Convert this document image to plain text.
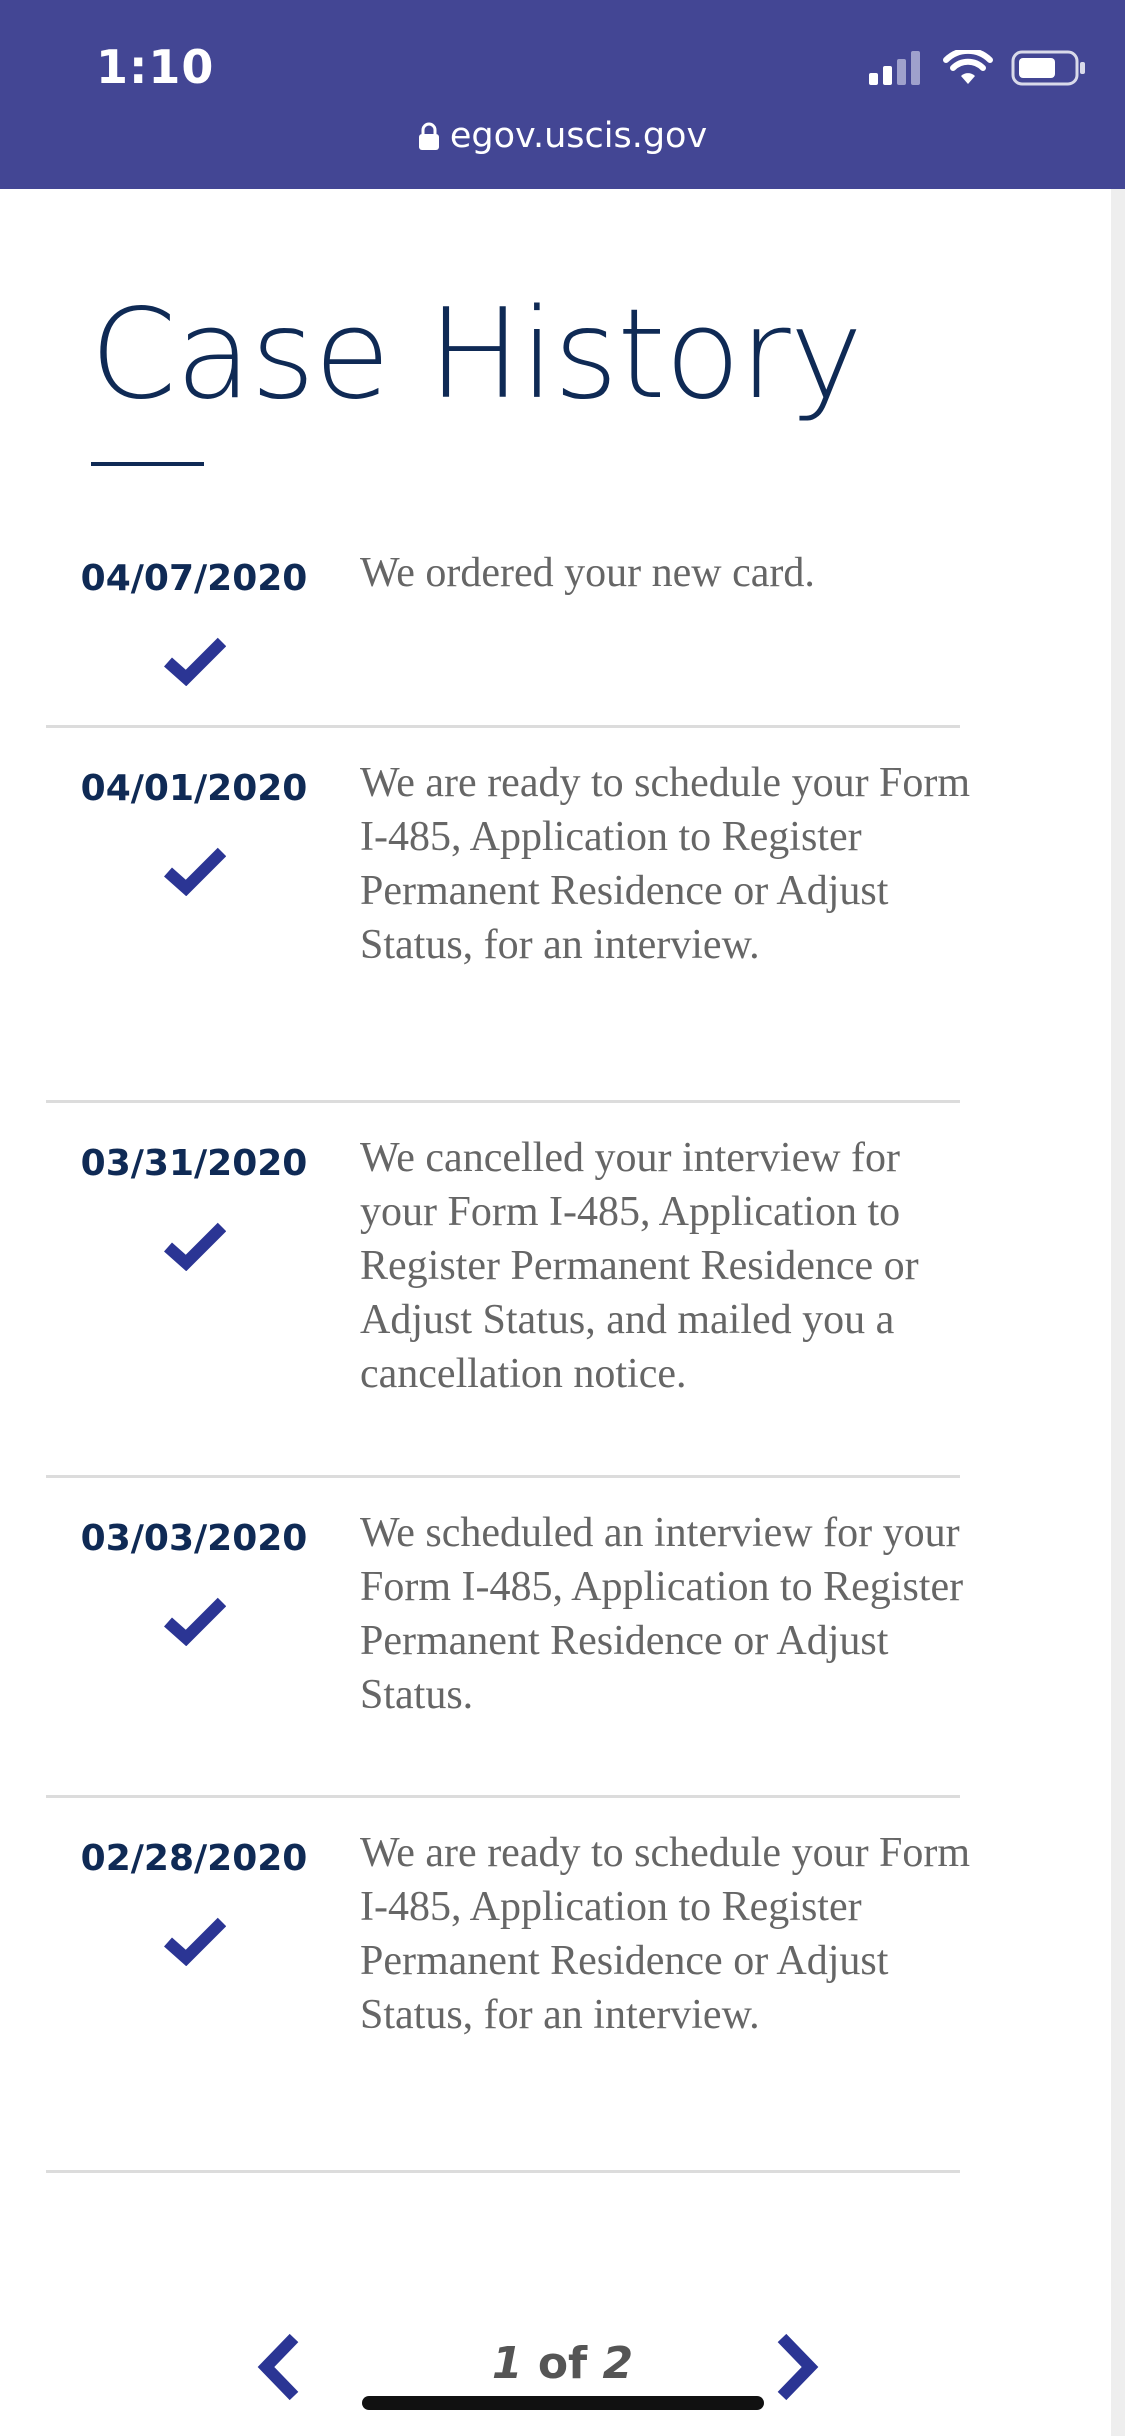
1:10
egov.uscis.gov
Case History
04/07/2020	We ordered your new card.
04/01/2020	We are ready to schedule your Form I-485, Application to Register Permanent Residence or Adjust Status, for an interview.
03/31/2020	We cancelled your interview for your Form I-485, Application to Register Permanent Residence or Adjust Status, and mailed you a cancellation notice.
03/03/2020	We scheduled an interview for your Form I-485, Application to Register Permanent Residence or Adjust Status.
02/28/2020	We are ready to schedule your Form I-485, Application to Register Permanent Residence or Adjust Status, for an interview.
1 of 2
